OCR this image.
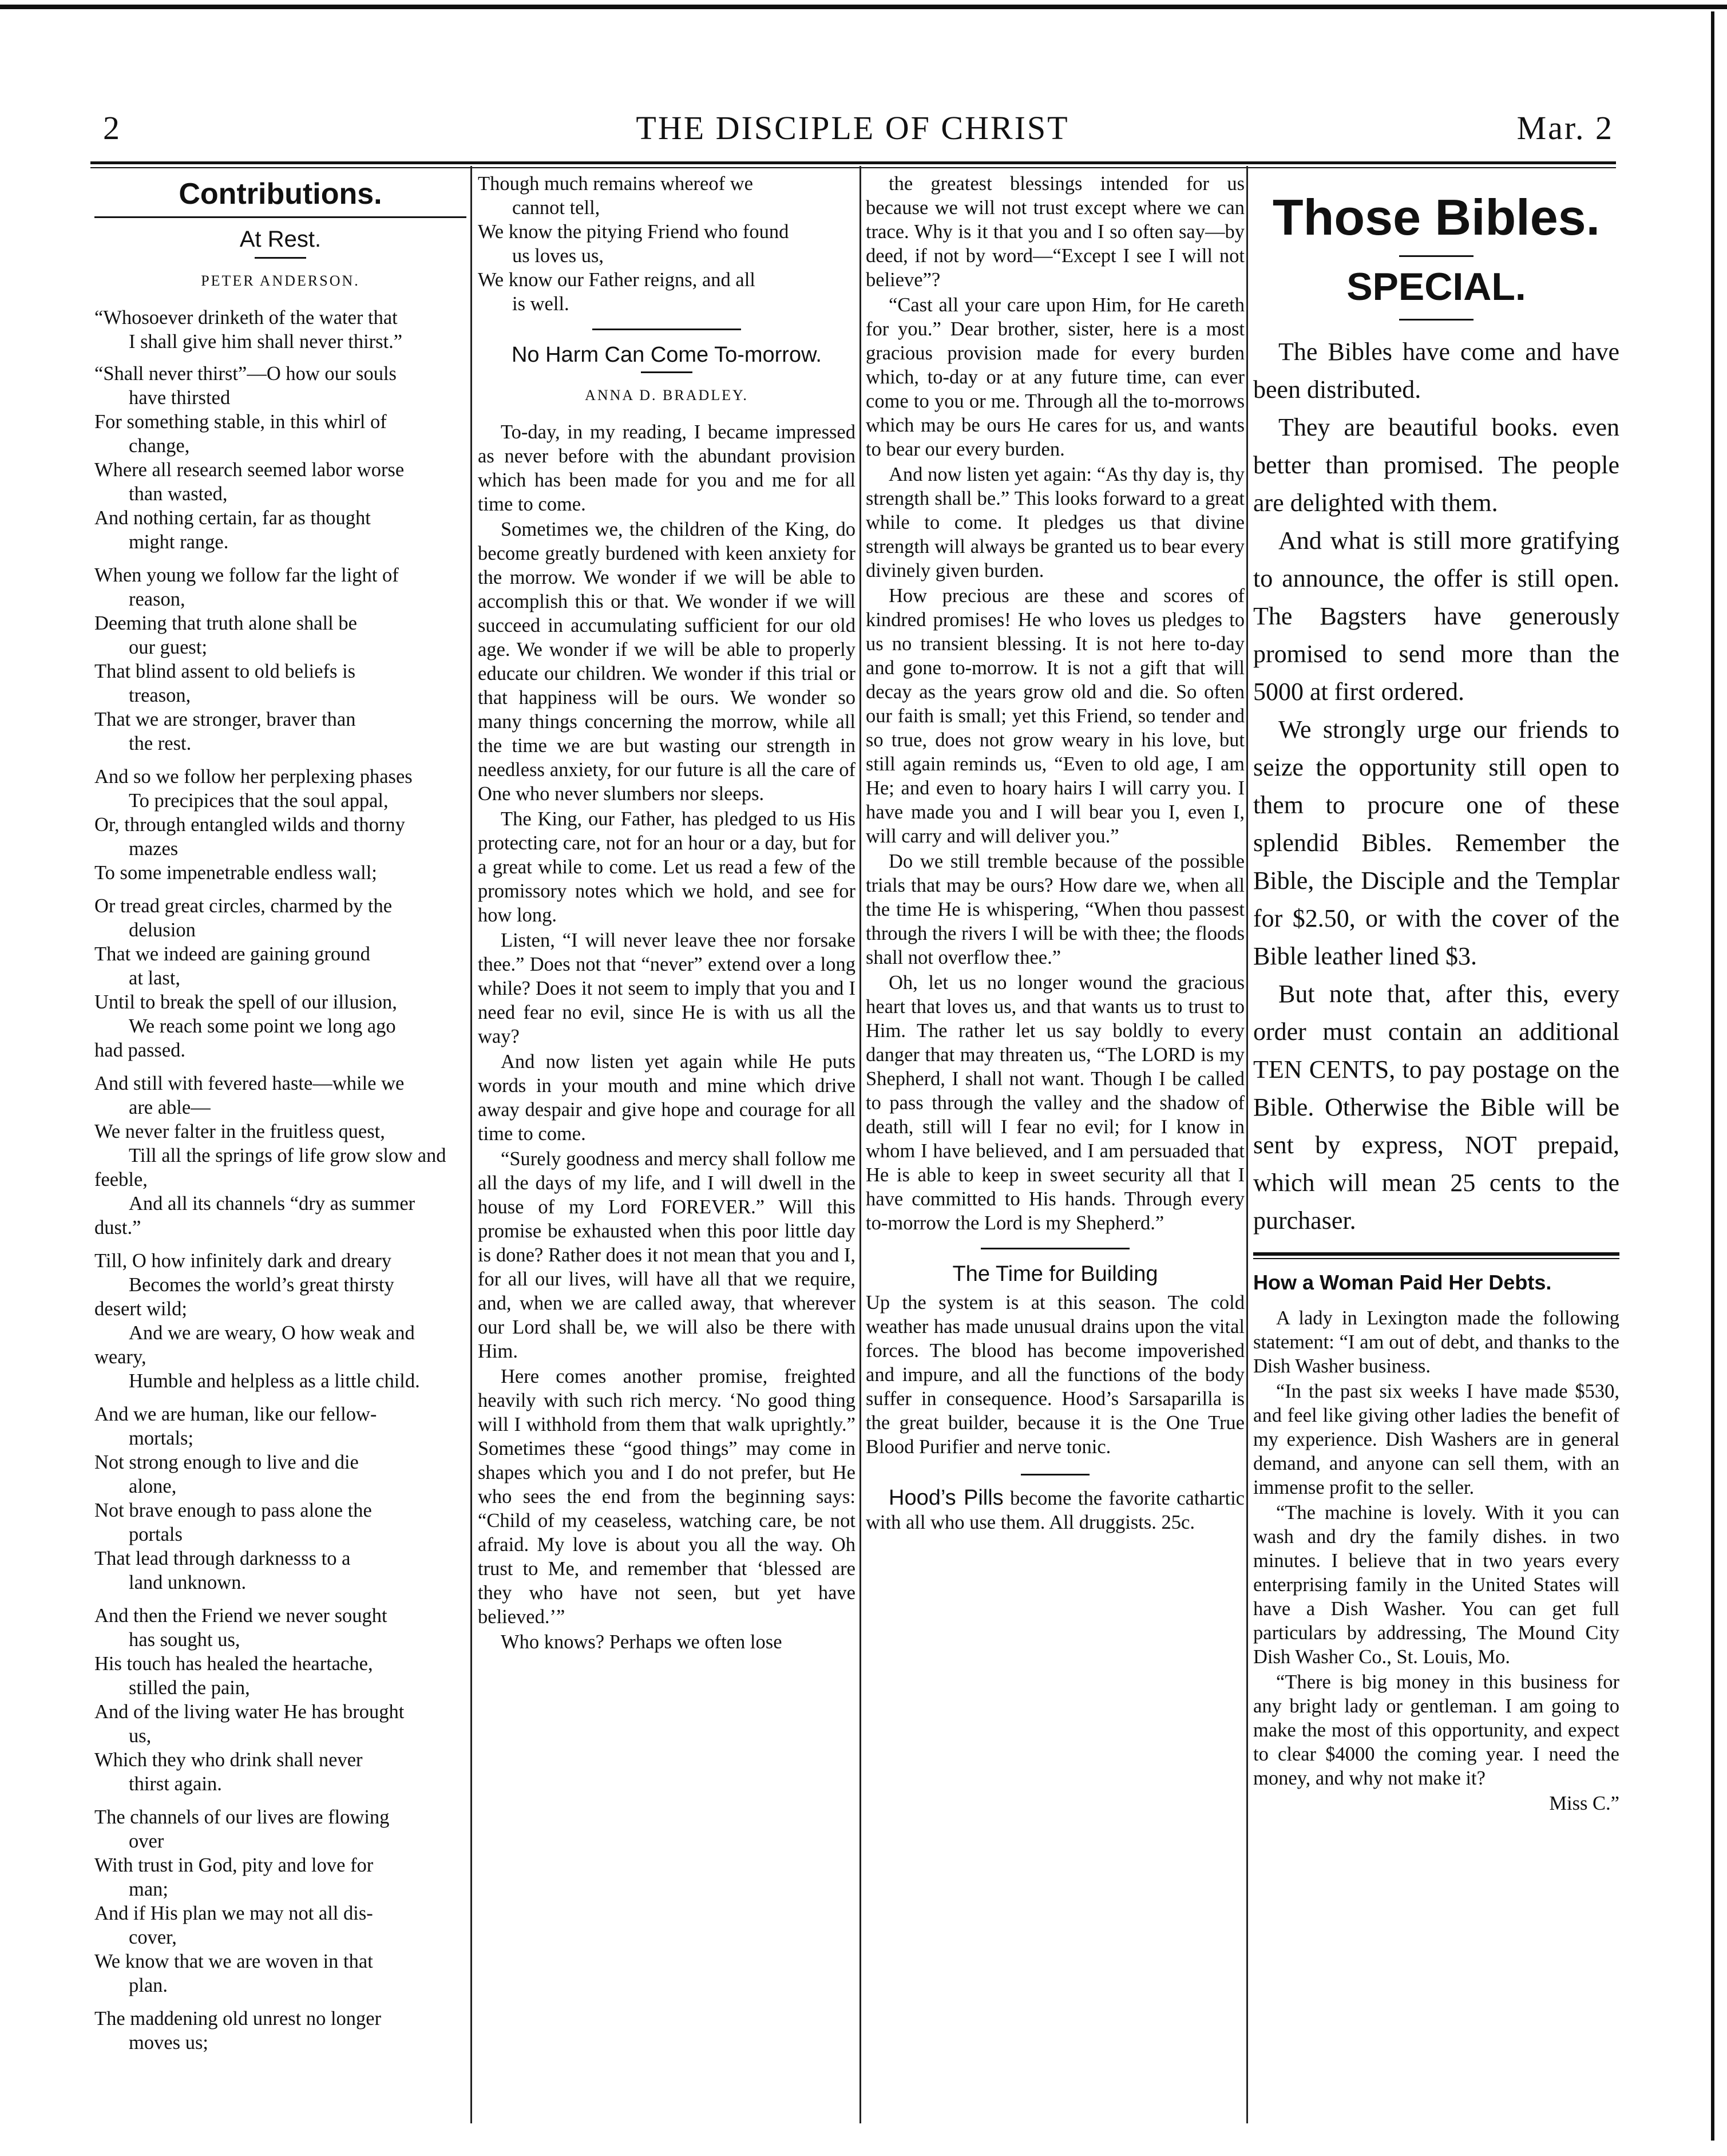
2	THE DISCIPLE OF CHRIST	Mar. 2
Contributions.
At Rest.
PETER ANDERSON.
“Whosoever drinketh of the water that
I shall give him shall never thirst.”
“Shall never thirst”—O how our souls
have thirsted
For something stable, in this whirl of
change,
Where all research seemed labor worse
than wasted,
And nothing certain, far as thought
might range.
When young we follow far the light of
reason,
Deeming that truth alone shall be
our guest;
That blind assent to old beliefs is
treason,
That we are stronger, braver than
the rest.
And so we follow her perplexing phases
To precipices that the soul appal,
Or, through entangled wilds and thorny
mazes
To some impenetrable endless wall;
Or tread great circles, charmed by the
delusion
That we indeed are gaining ground
at last,
Until to break the spell of our illusion,
We reach some point we long ago
had passed.
And still with fevered haste—while we
are able—
We never falter in the fruitless quest,
Till all the springs of life grow slow and
feeble,
And all its channels “dry as summer
dust.”
Till, O how infinitely dark and dreary
Becomes the world’s great thirsty
desert wild;
And we are weary, O how weak and
weary,
Humble and helpless as a little child.
And we are human, like our fellow-
mortals;
Not strong enough to live and die
alone,
Not brave enough to pass alone the
portals
That lead through darknesss to a
land unknown.
And then the Friend we never sought
has sought us,
His touch has healed the heartache,
stilled the pain,
And of the living water He has brought
us,
Which they who drink shall never
thirst again.
The channels of our lives are flowing
over
With trust in God, pity and love for
man;
And if His plan we may not all dis-
cover,
We know that we are woven in that
plan.
The maddening old unrest no longer
moves us;
Though much remains whereof we
cannot tell,
We know the pitying Friend who found
us loves us,
We know our Father reigns, and all
is well.
No Harm Can Come To-morrow.
ANNA D. BRADLEY.

To-day, in my reading, I became impressed as never before with the abundant provision which has been made for you and me for all time to come.

Sometimes we, the children of the King, do become greatly burdened with keen anxiety for the morrow. We wonder if we will be able to accomplish this or that. We wonder if we will succeed in accumulating sufficient for our old age. We wonder if we will be able to properly educate our children. We wonder if this trial or that happiness will be ours. We wonder so many things concerning the morrow, while all the time we are but wasting our strength in needless anxiety, for our future is all the care of One who never slumbers nor sleeps.

The King, our Father, has pledged to us His protecting care, not for an hour or a day, but for a great while to come. Let us read a few of the promissory notes which we hold, and see for how long.

Listen, “I will never leave thee nor forsake thee.” Does not that “never” extend over a long while? Does it not seem to imply that you and I need fear no evil, since He is with us all the way?

And now listen yet again while He puts words in your mouth and mine which drive away despair and give hope and courage for all time to come.

“Surely goodness and mercy shall follow me all the days of my life, and I will dwell in the house of my Lord FOREVER.” Will this promise be exhausted when this poor little day is done? Rather does it not mean that you and I, for all our lives, will have all that we require, and, when we are called away, that wherever our Lord shall be, we will also be there with Him.

Here comes another promise, freighted heavily with such rich mercy. ‘No good thing will I withhold from them that walk uprightly.” Sometimes these “good things” may come in shapes which you and I do not prefer, but He who sees the end from the beginning says: “Child of my ceaseless, watching care, be not afraid. My love is about you all the way. Oh trust to Me, and remember that ‘blessed are they who have not seen, but yet have believed.’”

Who knows? Perhaps we often lose

the greatest blessings intended for us because we will not trust except where we can trace. Why is it that you and I so often say—by deed, if not by word—“Except I see I will not believe”?

“Cast all your care upon Him, for He careth for you.” Dear brother, sister, here is a most gracious provision made for every burden which, to-day or at any future time, can ever come to you or me. Through all the to-morrows which may be ours He cares for us, and wants to bear our every burden.

And now listen yet again: “As thy day is, thy strength shall be.” This looks forward to a great while to come. It pledges us that divine strength will always be granted us to bear every divinely given burden.

How precious are these and scores of kindred promises! He who loves us pledges to us no transient blessing. It is not here to-day and gone to-morrow. It is not a gift that will decay as the years grow old and die. So often our faith is small; yet this Friend, so tender and so true, does not grow weary in his love, but still again reminds us, “Even to old age, I am He; and even to hoary hairs I will carry you. I have made you and I will bear you I, even I, will carry and will deliver you.”

Do we still tremble because of the possible trials that may be ours? How dare we, when all the time He is whispering, “When thou passest through the rivers I will be with thee; the floods shall not overflow thee.”

Oh, let us no longer wound the gracious heart that loves us, and that wants us to trust to Him. The rather let us say boldly to every danger that may threaten us, “The LORD is my Shepherd, I shall not want. Though I be called to pass through the valley and the shadow of death, still will I fear no evil; for I know in whom I have believed, and I am persuaded that He is able to keep in sweet security all that I have committed to His hands. Through every to-morrow the Lord is my Shepherd.”

The Time for Building

Up the system is at this season. The cold weather has made unusual drains upon the vital forces. The blood has become impoverished and impure, and all the functions of the body suffer in consequence. Hood’s Sarsaparilla is the great builder, because it is the One True Blood Purifier and nerve tonic.

Hood’s Pills become the favorite cathartic with all who use them. All druggists. 25c.

Those Bibles.
SPECIAL.

The Bibles have come and have been distributed.

They are beautiful books. even better than promised. The people are delighted with them.

And what is still more gratifying to announce, the offer is still open. The Bagsters have generously promised to send more than the 5000 at first ordered.

We strongly urge our friends to seize the opportunity still open to them to procure one of these splendid Bibles. Remember the Bible, the Disciple and the Templar for $2.50, or with the cover of the Bible leather lined $3.

But note that, after this, every order must contain an additional TEN CENTS, to pay postage on the Bible. Otherwise the Bible will be sent by express, NOT prepaid, which will mean 25 cents to the purchaser.

How a Woman Paid Her Debts.

A lady in Lexington made the following statement: “I am out of debt, and thanks to the Dish Washer business.

“In the past six weeks I have made $530, and feel like giving other ladies the benefit of my experience. Dish Washers are in general demand, and anyone can sell them, with an immense profit to the seller.

“The machine is lovely. With it you can wash and dry the family dishes. in two minutes. I believe that in two years every enterprising family in the United States will have a Dish Washer. You can get full particulars by addressing, The Mound City Dish Washer Co., St. Louis, Mo.

“There is big money in this business for any bright lady or gentleman. I am going to make the most of this opportunity, and expect to clear $4000 the coming year. I need the money, and why not make it?

Miss C.”
